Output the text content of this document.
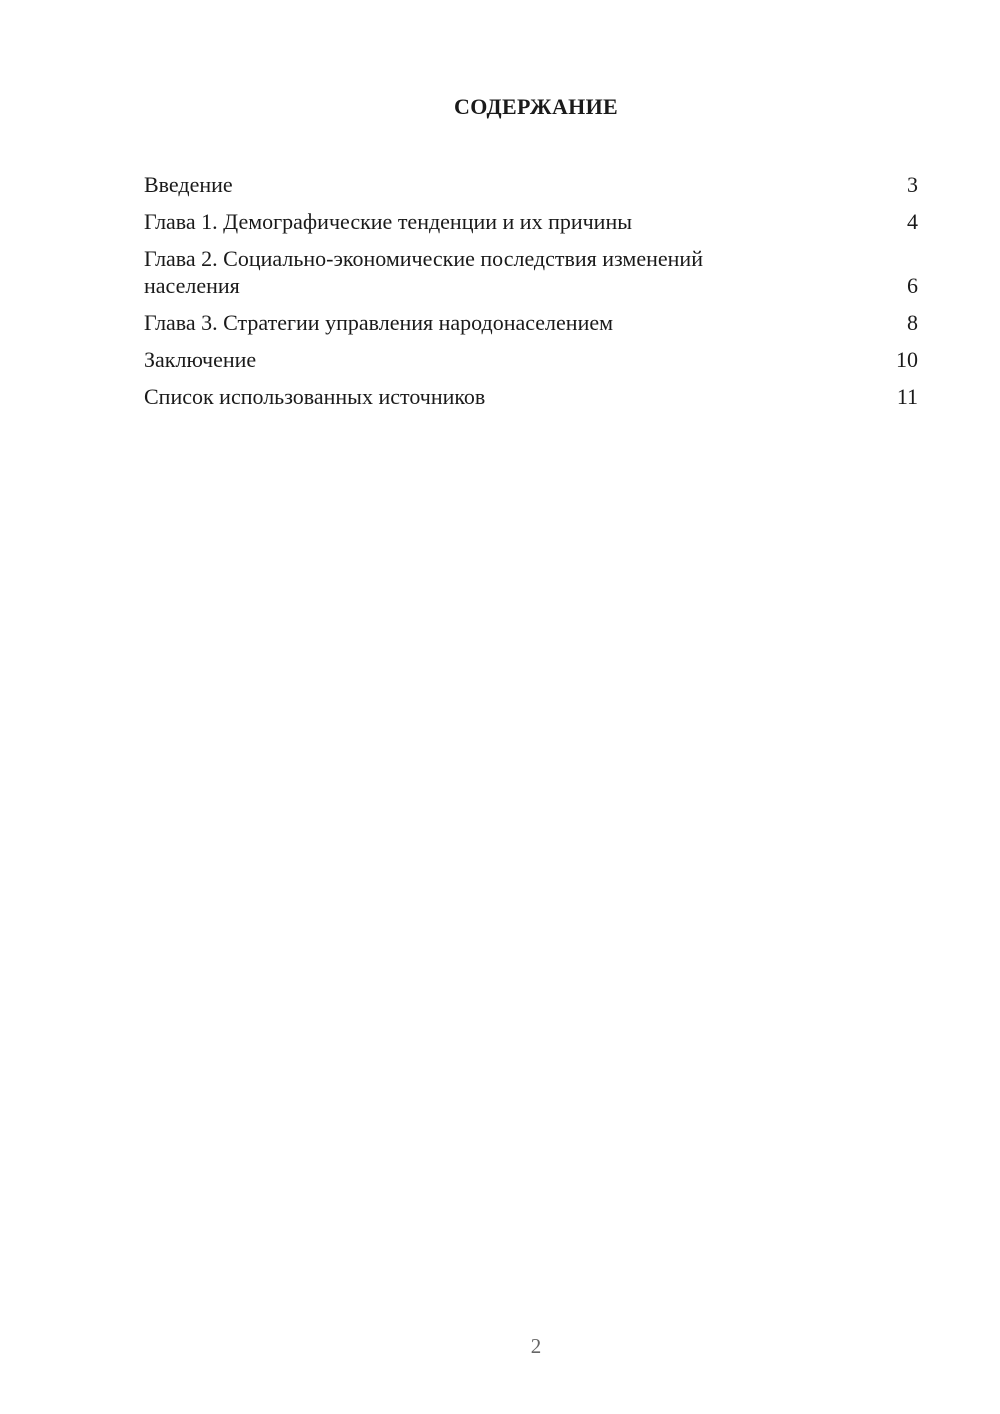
СОДЕРЖАНИЕ
Введение	3
Глава 1. Демографические тенденции и их причины	4
Глава 2. Социально-экономические последствия изменений населения	6
Глава 3. Стратегии управления народонаселением	8
Заключение	10
Список использованных источников	11
2
